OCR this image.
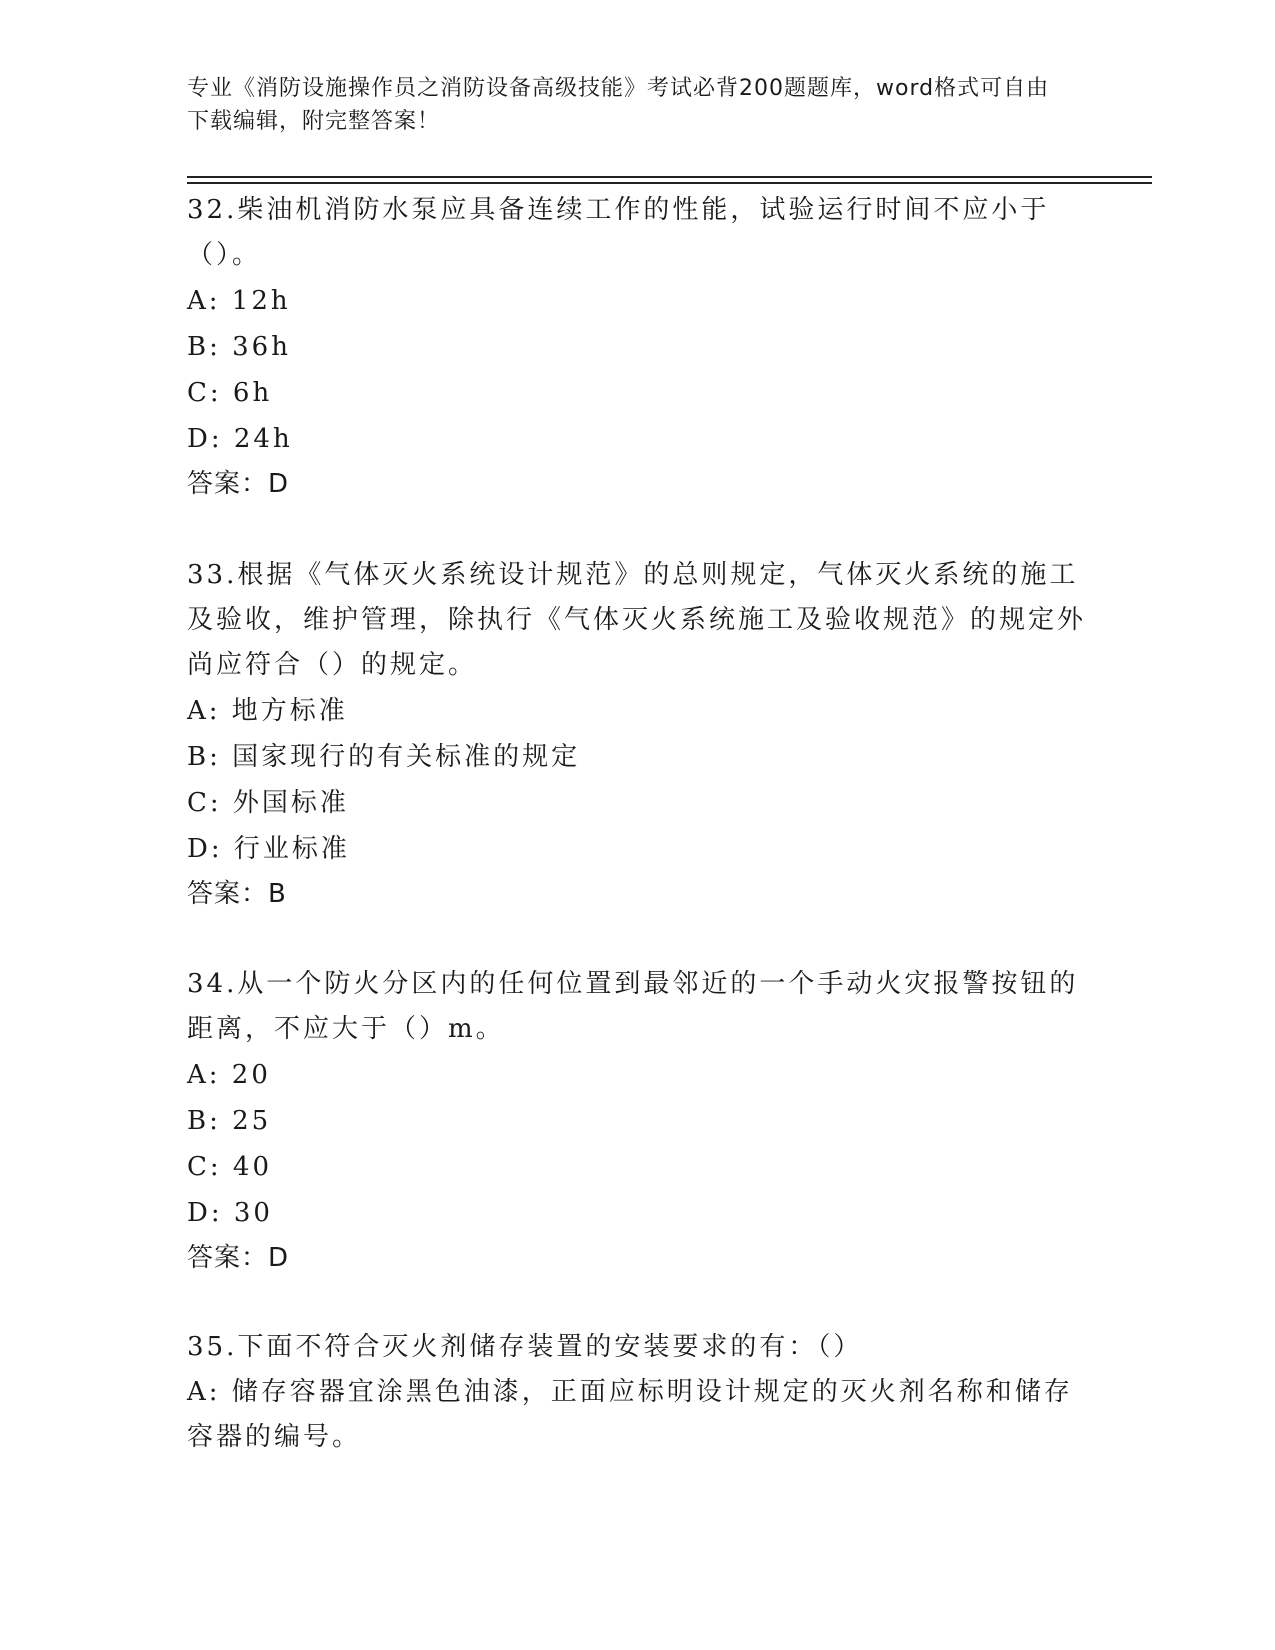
专业《消防设施操作员之消防设备高级技能》考试必背200题题库，word格式可自由下载编辑，附完整答案！

32.柴油机消防水泵应具备连续工作的性能，试验运行时间不应小于（）。

A: 12h

B: 36h

C: 6h

D: 24h

答案：D

33.根据《气体灭火系统设计规范》的总则规定，气体灭火系统的施工及验收，维护管理，除执行《气体灭火系统施工及验收规范》的规定外尚应符合（）的规定。

A: 地方标准

B: 国家现行的有关标准的规定

C: 外国标准

D: 行业标准

答案：B

34.从一个防火分区内的任何位置到最邻近的一个手动火灾报警按钮的距离，不应大于（）m。

A: 20

B: 25

C: 40

D: 30

答案：D

35.下面不符合灭火剂储存装置的安装要求的有：（）

A: 储存容器宜涂黑色油漆，正面应标明设计规定的灭火剂名称和储存容器的编号。
